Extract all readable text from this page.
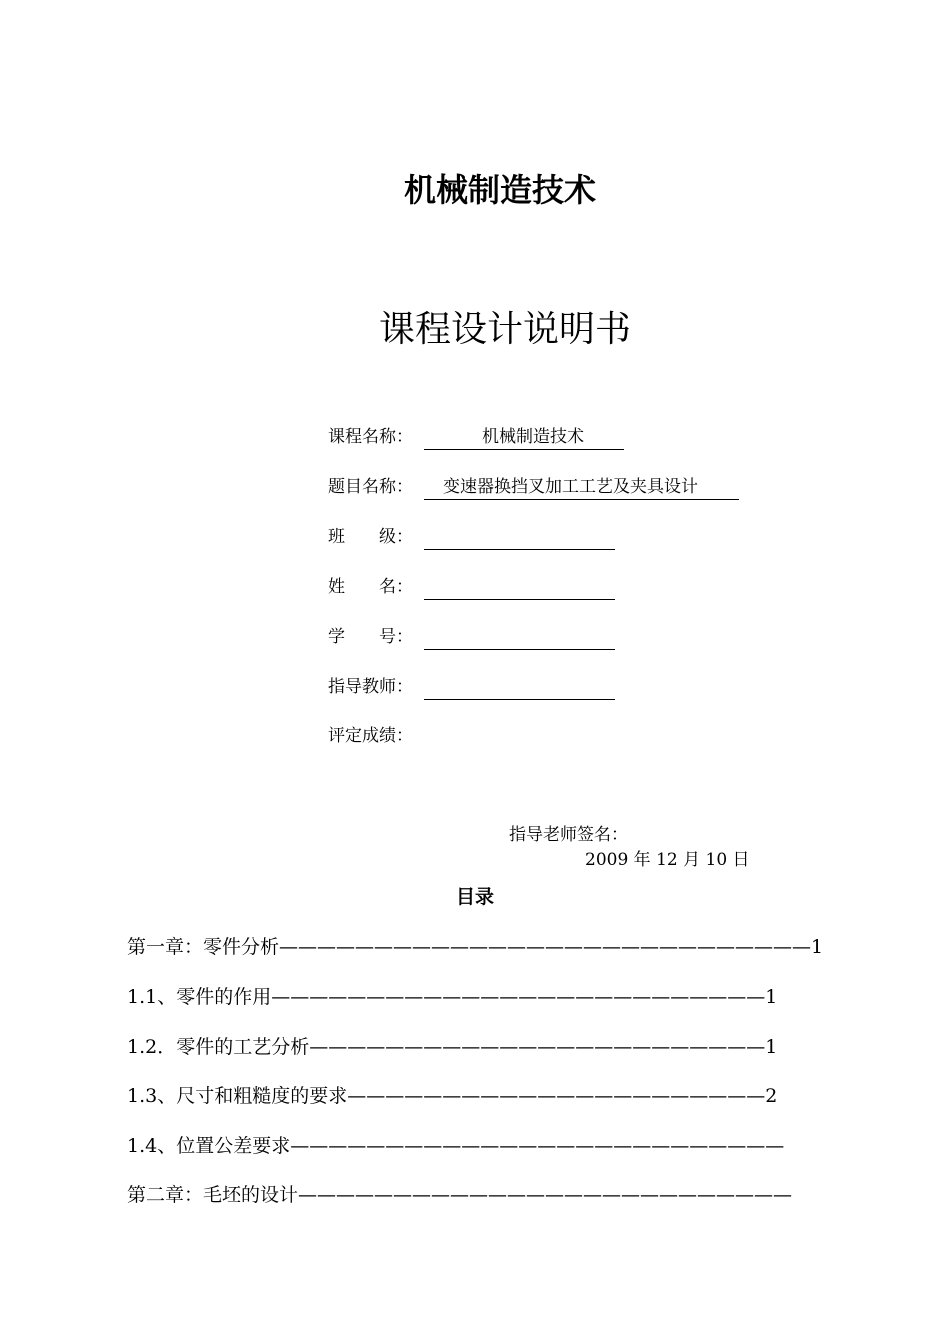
机械制造技术
课程设计说明书
课程名称：	机械制造技术
题目名称： 变速器换挡叉加工工艺及夹具设计
班　　级：
姓　　名：
学　　号：
指导教师：
评定成绩：
指导老师签名：
2009 年 12 月 10 日
目录
第一章：零件分析————————————————————————————1
1.1、零件的作用——————————————————————————1
1.2．零件的工艺分析————————————————————————1
1.3、尺寸和粗糙度的要求——————————————————————2
1.4、位置公差要求——————————————————————————
第二章：毛坯的设计——————————————————————————
